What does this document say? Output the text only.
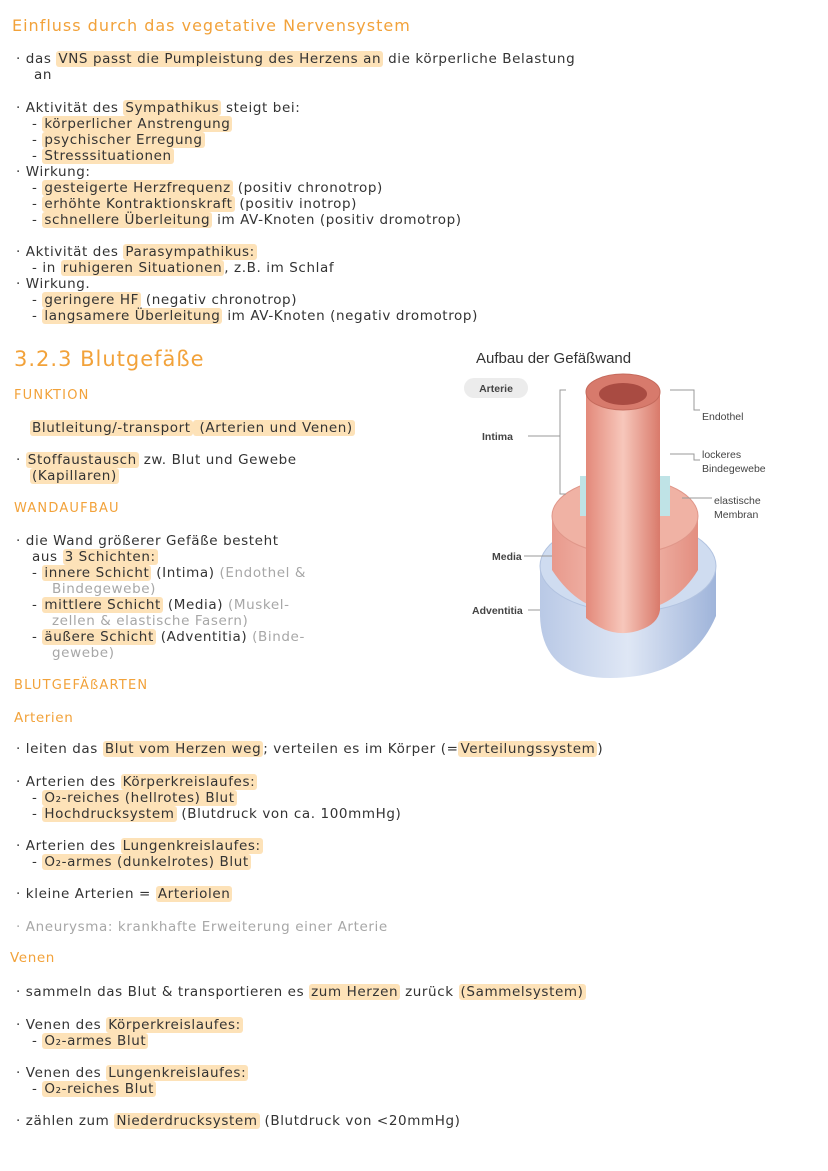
Einfluss durch das vegetative Nervensystem
· das VNS passt die Pumpleistung des Herzens an die körperliche Belastung
an
· Aktivität des Sympathikus steigt bei:
- körperlicher Anstrengung
- psychischer Erregung
- Stresssituationen
· Wirkung:
- gesteigerte Herzfrequenz (positiv chronotrop)
- erhöhte Kontraktionskraft (positiv inotrop)
- schnellere Überleitung im AV-Knoten (positiv dromotrop)
· Aktivität des Parasympathikus:
- in ruhigeren Situationen , z.B. im Schlaf
· Wirkung.
- geringere HF (negativ chronotrop)
- langsamere Überleitung im AV-Knoten (negativ dromotrop)
3.2.3 Blutgefäße
FUNKTION
Blutleitung/-transport (Arterien und Venen)
· Stoffaustausch zw. Blut und Gewebe
(Kapillaren)
WANDAUFBAU
· die Wand größerer Gefäße besteht
aus 3 Schichten:
- innere Schicht (Intima) (Endothel &
Bindegewebe)
- mittlere Schicht (Media) (Muskel-
zellen & elastische Fasern)
- äußere Schicht (Adventitia) (Binde-
gewebe)
BLUTGEFÄßARTEN
Arterien
· leiten das Blut vom Herzen weg ; verteilen es im Körper (= Verteilungssystem )
· Arterien des Körperkreislaufes:
- O₂-reiches (hellrotes) Blut
- Hochdrucksystem (Blutdruck von ca. 100mmHg)
· Arterien des Lungenkreislaufes:
- O₂-armes (dunkelrotes) Blut
· kleine Arterien = Arteriolen
· Aneurysma: krankhafte Erweiterung einer Arterie
Venen
· sammeln das Blut & transportieren es zum Herzen zurück (Sammelsystem)
· Venen des Körperkreislaufes:
- O₂-armes Blut
· Venen des Lungenkreislaufes:
- O₂-reiches Blut
· zählen zum Niederdrucksystem (Blutdruck von <20mmHg)
Aufbau der Gefäßwand
Arterie
Intima
Media
Adventitia
Endothel
lockeres
Bindegewebe
elastische
Membran
